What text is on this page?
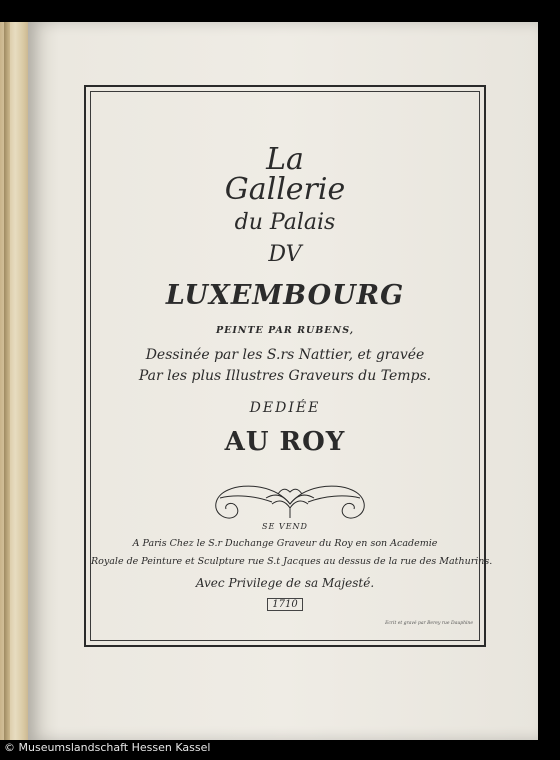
La
Gallerie
du Palais
DV
LUXEMBOURG
PEINTE PAR RUBENS,
Dessinée par les S.rs Nattier, et gravée
Par les plus Illustres Graveurs du Temps.
DEDIÉE
AU ROY
SE VEND
A Paris Chez le S.r Duchange Graveur du Roy en son Academie
Royale de Peinture et Sculpture rue S.t Jacques au dessus de la rue des Mathurins.
Avec Privilege de sa Majesté.
1710
Ecrit et gravé par Berey rue Dauphine
© Museumslandschaft Hessen Kassel
